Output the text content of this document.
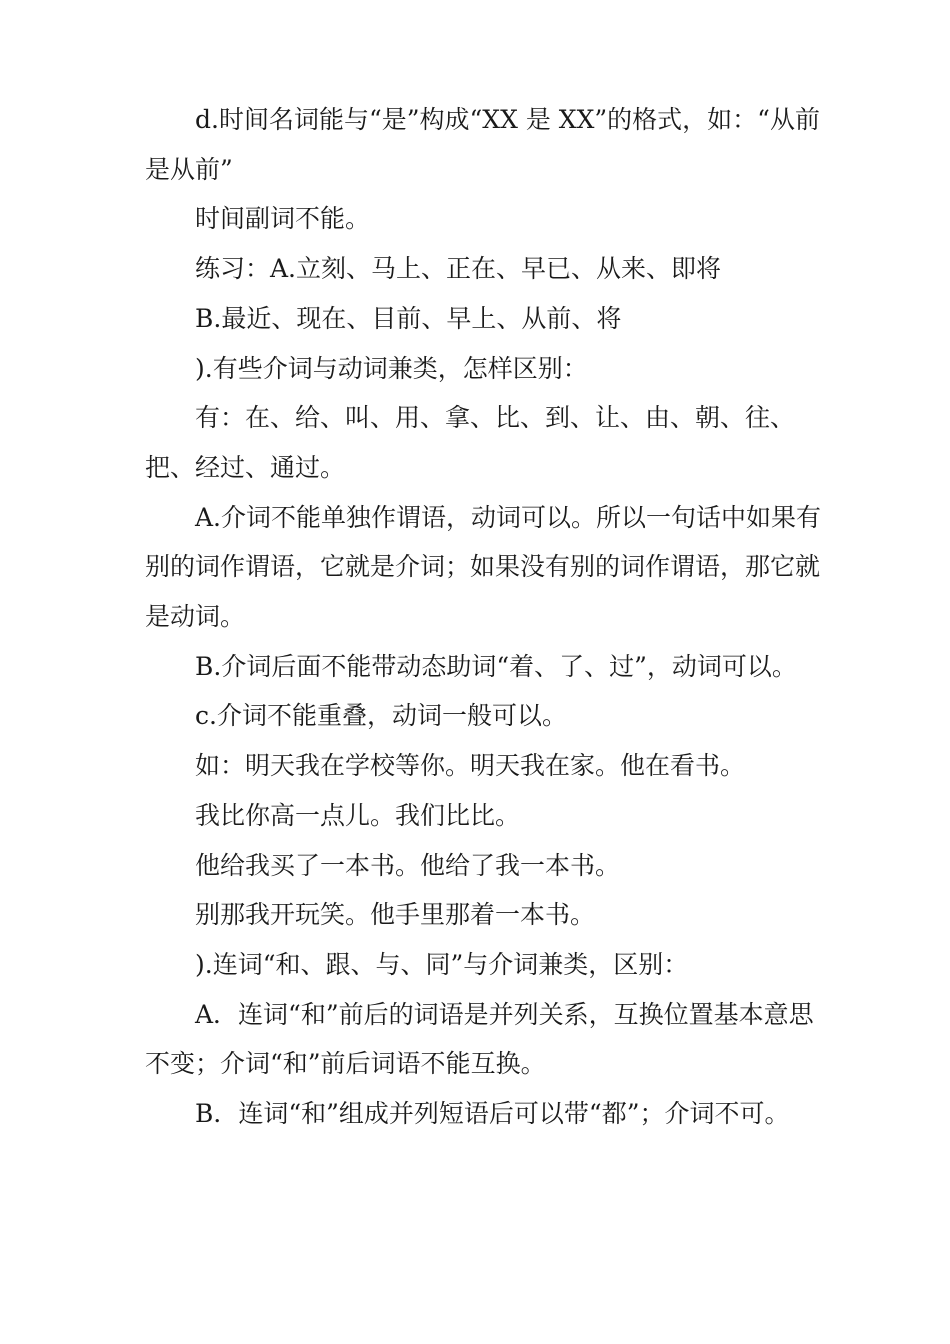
d.时间名词能与“是”构成“XX 是 XX”的格式，如：“从前是从前”

时间副词不能。

练习：A.立刻、马上、正在、早已、从来、即将

B.最近、现在、目前、早上、从前、将

).有些介词与动词兼类，怎样区别：

有：在、给、叫、用、拿、比、到、让、由、朝、往、把、经过、通过。

A.介词不能单独作谓语，动词可以。所以一句话中如果有别的词作谓语，它就是介词；如果没有别的词作谓语，那它就是动词。

B.介词后面不能带动态助词“着、了、过”，动词可以。

c.介词不能重叠，动词一般可以。

如：明天我在学校等你。明天我在家。他在看书。

我比你高一点儿。我们比比。

他给我买了一本书。他给了我一本书。

别那我开玩笑。他手里那着一本书。

).连词“和、跟、与、同”与介词兼类，区别：

A．连词“和”前后的词语是并列关系，互换位置基本意思不变；介词“和”前后词语不能互换。

B．连词“和”组成并列短语后可以带“都”；介词不可。
